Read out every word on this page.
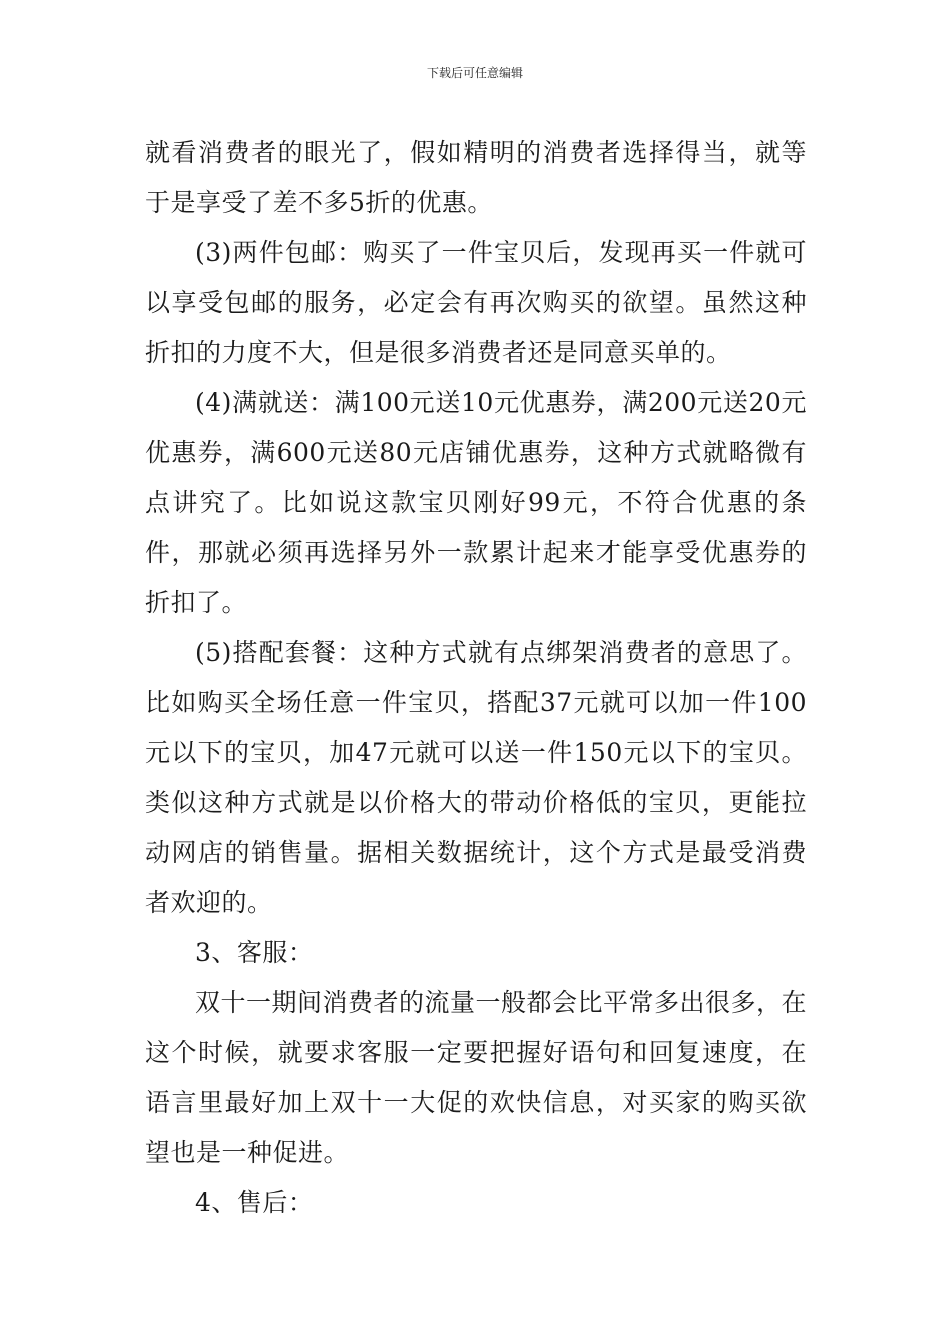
下载后可任意编辑

就看消费者的眼光了，假如精明的消费者选择得当，就等于是享受了差不多5折的优惠。

(3)两件包邮：购买了一件宝贝后，发现再买一件就可以享受包邮的服务，必定会有再次购买的欲望。虽然这种折扣的力度不大，但是很多消费者还是同意买单的。

(4)满就送：满100元送10元优惠券，满200元送20元优惠券，满600元送80元店铺优惠券，这种方式就略微有点讲究了。比如说这款宝贝刚好99元，不符合优惠的条件，那就必须再选择另外一款累计起来才能享受优惠券的折扣了。

(5)搭配套餐：这种方式就有点绑架消费者的意思了。比如购买全场任意一件宝贝，搭配37元就可以加一件100元以下的宝贝，加47元就可以送一件150元以下的宝贝。类似这种方式就是以价格大的带动价格低的宝贝，更能拉动网店的销售量。据相关数据统计，这个方式是最受消费者欢迎的。

3、客服：

双十一期间消费者的流量一般都会比平常多出很多，在这个时候，就要求客服一定要把握好语句和回复速度，在语言里最好加上双十一大促的欢快信息，对买家的购买欲望也是一种促进。

4、售后：
